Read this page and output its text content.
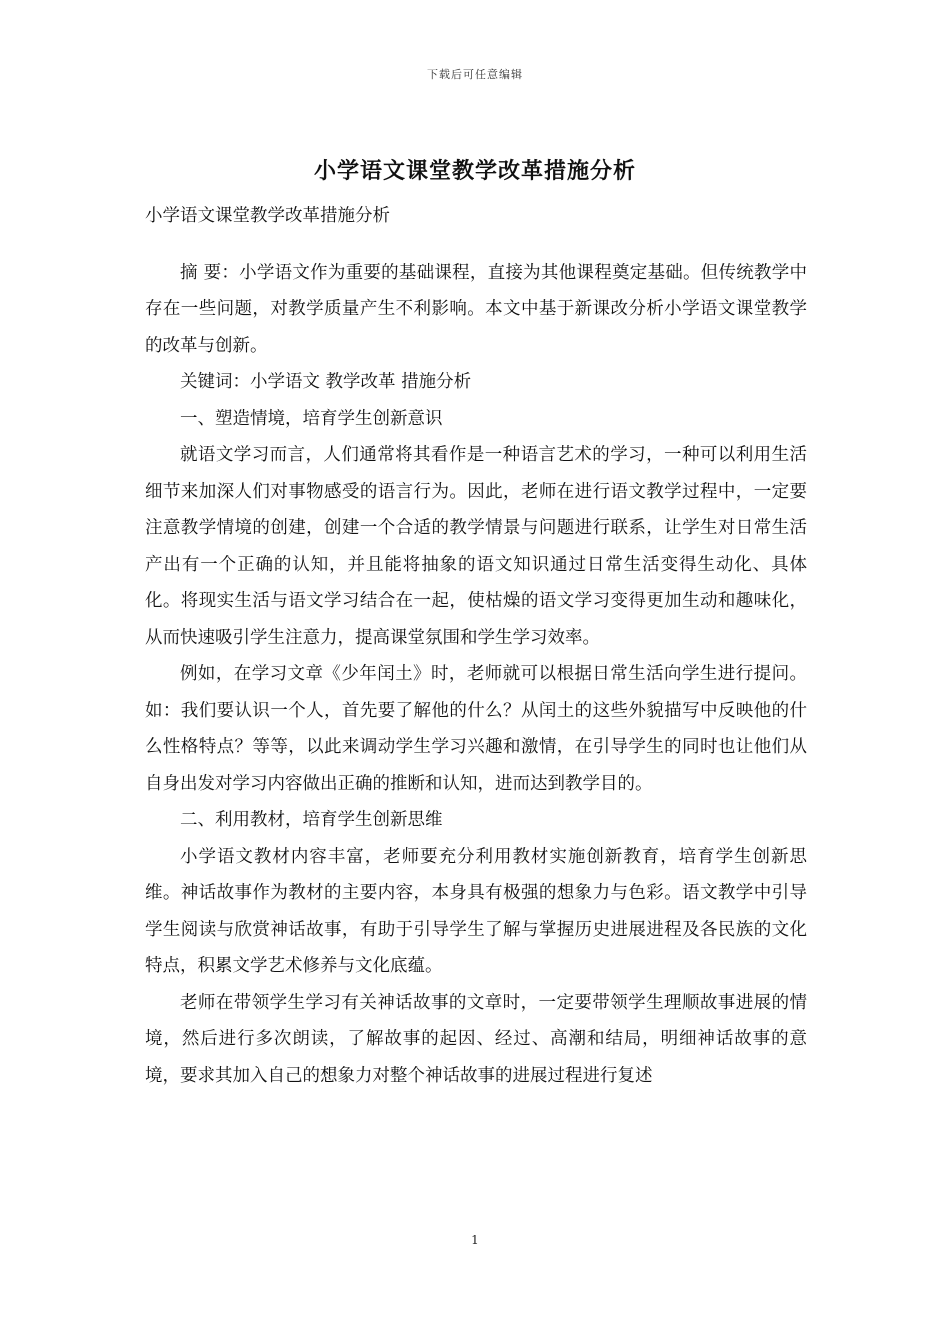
下载后可任意编辑
小学语文课堂教学改革措施分析

小学语文课堂教学改革措施分析

摘 要：小学语文作为重要的基础课程，直接为其他课程奠定基础。但传统教学中存在一些问题，对教学质量产生不利影响。本文中基于新课改分析小学语文课堂教学的改革与创新。

关键词：小学语文 教学改革 措施分析

一、塑造情境，培育学生创新意识

就语文学习而言，人们通常将其看作是一种语言艺术的学习，一种可以利用生活细节来加深人们对事物感受的语言行为。因此，老师在进行语文教学过程中，一定要注意教学情境的创建，创建一个合适的教学情景与问题进行联系，让学生对日常生活产出有一个正确的认知，并且能将抽象的语文知识通过日常生活变得生动化、具体化。将现实生活与语文学习结合在一起，使枯燥的语文学习变得更加生动和趣味化，从而快速吸引学生注意力，提高课堂氛围和学生学习效率。

例如，在学习文章《少年闰土》时，老师就可以根据日常生活向学生进行提问。如：我们要认识一个人，首先要了解他的什么？从闰土的这些外貌描写中反映他的什么性格特点？等等，以此来调动学生学习兴趣和激情，在引导学生的同时也让他们从自身出发对学习内容做出正确的推断和认知，进而达到教学目的。

二、利用教材，培育学生创新思维

小学语文教材内容丰富，老师要充分利用教材实施创新教育，培育学生创新思维。神话故事作为教材的主要内容，本身具有极强的想象力与色彩。语文教学中引导学生阅读与欣赏神话故事，有助于引导学生了解与掌握历史进展进程及各民族的文化特点，积累文学艺术修养与文化底蕴。

老师在带领学生学习有关神话故事的文章时，一定要带领学生理顺故事进展的情境，然后进行多次朗读，了解故事的起因、经过、高潮和结局，明细神话故事的意境，要求其加入自己的想象力对整个神话故事的进展过程进行复述

1
